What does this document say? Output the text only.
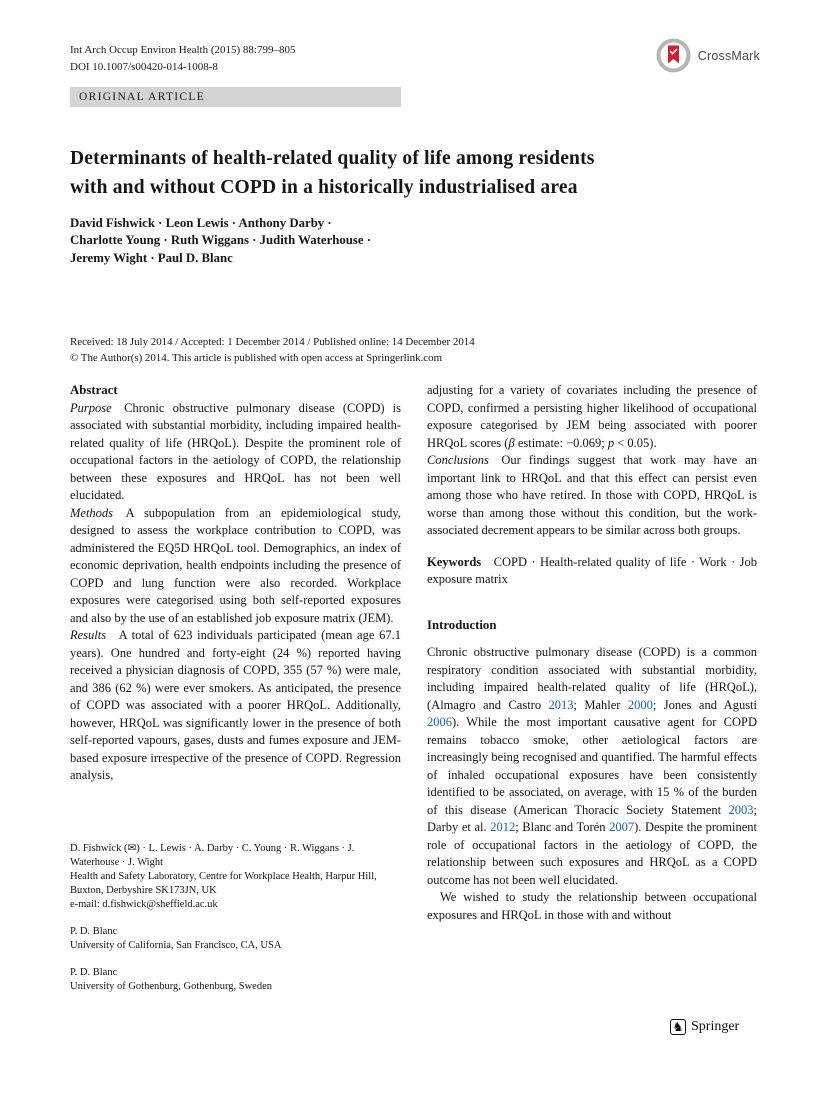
Int Arch Occup Environ Health (2015) 88:799–805
DOI 10.1007/s00420-014-1008-8
CrossMark
ORIGINAL ARTICLE
Determinants of health-related quality of life among residents
with and without COPD in a historically industrialised area
David Fishwick · Leon Lewis · Anthony Darby ·
Charlotte Young · Ruth Wiggans · Judith Waterhouse ·
Jeremy Wight · Paul D. Blanc
Received: 18 July 2014 / Accepted: 1 December 2014 / Published online: 14 December 2014
© The Author(s) 2014. This article is published with open access at Springerlink.com
Abstract
Purpose Chronic obstructive pulmonary disease (COPD) is associated with substantial morbidity, including impaired health-related quality of life (HRQoL). Despite the prominent role of occupational factors in the aetiology of COPD, the relationship between these exposures and HRQoL has not been well elucidated.
Methods A subpopulation from an epidemiological study, designed to assess the workplace contribution to COPD, was administered the EQ5D HRQoL tool. Demographics, an index of economic deprivation, health endpoints including the presence of COPD and lung function were also recorded. Workplace exposures were categorised using both self-reported exposures and also by the use of an established job exposure matrix (JEM).
Results A total of 623 individuals participated (mean age 67.1 years). One hundred and forty-eight (24 %) reported having received a physician diagnosis of COPD, 355 (57 %) were male, and 386 (62 %) were ever smokers. As anticipated, the presence of COPD was associated with a poorer HRQoL. Additionally, however, HRQoL was significantly lower in the presence of both self-reported vapours, gases, dusts and fumes exposure and JEM-based exposure irrespective of the presence of COPD. Regression analysis,
adjusting for a variety of covariates including the presence of COPD, confirmed a persisting higher likelihood of occupational exposure categorised by JEM being associated with poorer HRQoL scores (β estimate: −0.069; p < 0.05).
Conclusions Our findings suggest that work may have an important link to HRQoL and that this effect can persist even among those who have retired. In those with COPD, HRQoL is worse than among those without this condition, but the work-associated decrement appears to be similar across both groups.
Keywords COPD · Health-related quality of life · Work · Job exposure matrix
Introduction
Chronic obstructive pulmonary disease (COPD) is a common respiratory condition associated with substantial morbidity, including impaired health-related quality of life (HRQoL), (Almagro and Castro 2013; Mahler 2000; Jones and Agusti 2006). While the most important causative agent for COPD remains tobacco smoke, other aetiological factors are increasingly being recognised and quantified. The harmful effects of inhaled occupational exposures have been consistently identified to be associated, on average, with 15 % of the burden of this disease (American Thoracic Society Statement 2003; Darby et al. 2012; Blanc and Torén 2007). Despite the prominent role of occupational factors in the aetiology of COPD, the relationship between such exposures and HRQoL as a COPD outcome has not been well elucidated.
We wished to study the relationship between occupational exposures and HRQoL in those with and without
D. Fishwick (✉) · L. Lewis · A. Darby · C. Young · R. Wiggans · J. Waterhouse · J. Wight
Health and Safety Laboratory, Centre for Workplace Health, Harpur Hill, Buxton, Derbyshire SK173JN, UK
e-mail: d.fishwick@sheffield.ac.uk
P. D. Blanc
University of California, San Francisco, CA, USA
P. D. Blanc
University of Gothenburg, Gothenburg, Sweden
♞ Springer
